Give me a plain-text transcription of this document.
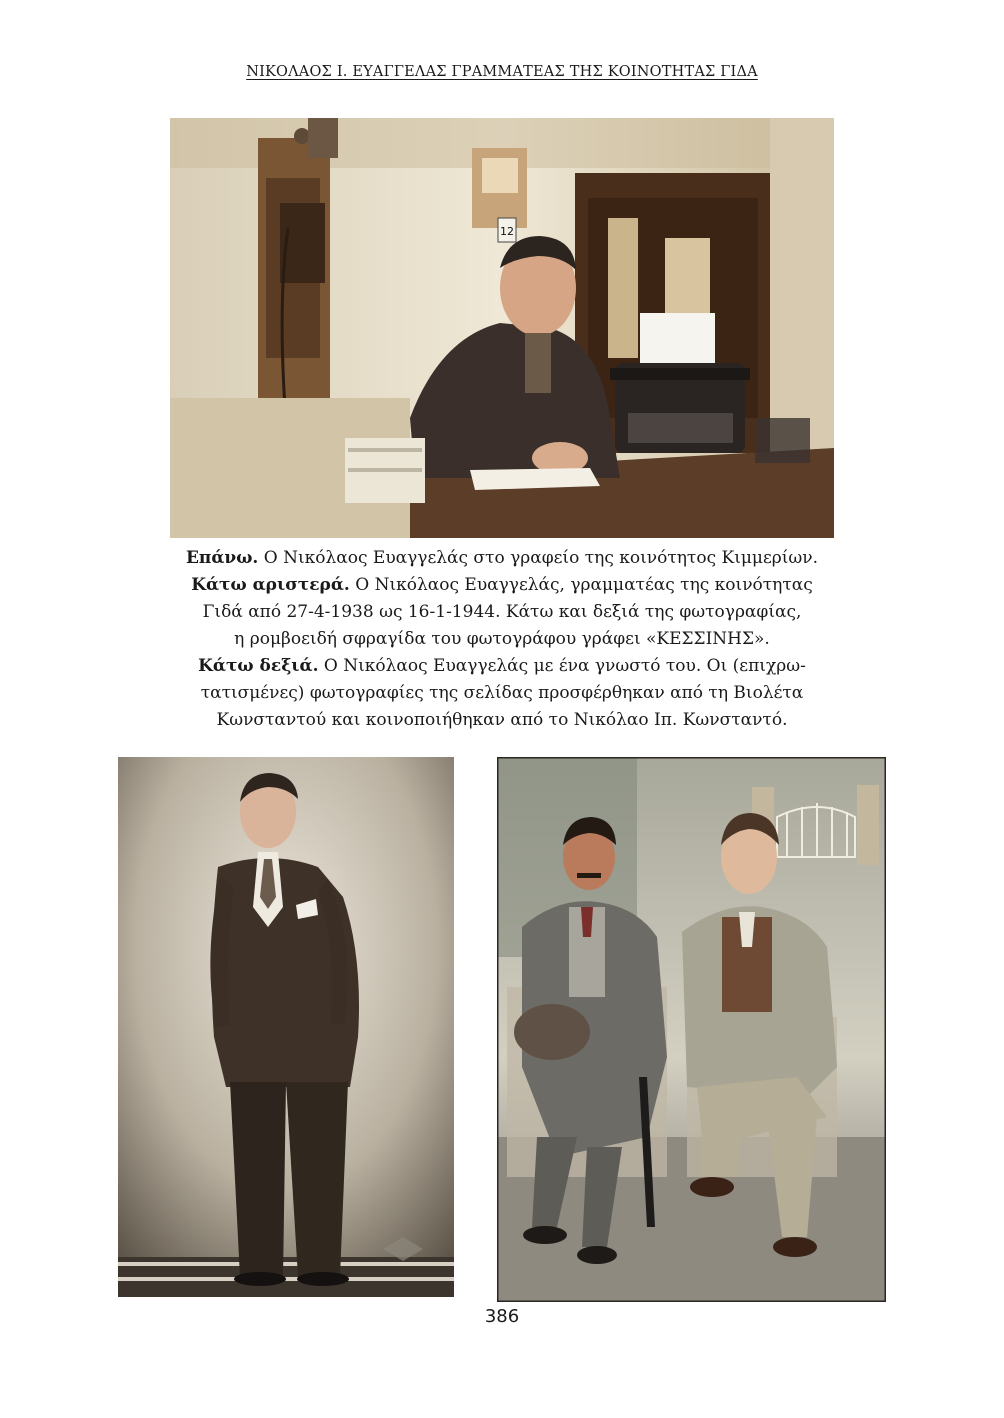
ΝΙΚΟΛΑΟΣ Ι. ΕΥΑΓΓΕΛΑΣ ΓΡΑΜΜΑΤΕΑΣ ΤΗΣ ΚΟΙΝΟΤΗΤΑΣ ΓΙΔΑ
12
Επάνω. Ο Νικόλαος Ευαγγελάς στο γραφείο της κοινότητος Κιμμερίων.
Κάτω αριστερά. Ο Νικόλαος Ευαγγελάς, γραμματέας της κοινότητας
Γιδά από 27-4-1938 ως 16-1-1944. Κάτω και δεξιά της φωτογραφίας,
η ρομβοειδή σφραγίδα του φωτογράφου γράφει «ΚΕΣΣΙΝΗΣ».
Κάτω δεξιά. Ο Νικόλαος Ευαγγελάς με ένα γνωστό του. Οι (επιχρω-
τατισμένες) φωτογραφίες της σελίδας προσφέρθηκαν από τη Βιολέτα
Κωνσταντού και κοινοποιήθηκαν από το Νικόλαο Ιπ. Κωνσταντό.
386
